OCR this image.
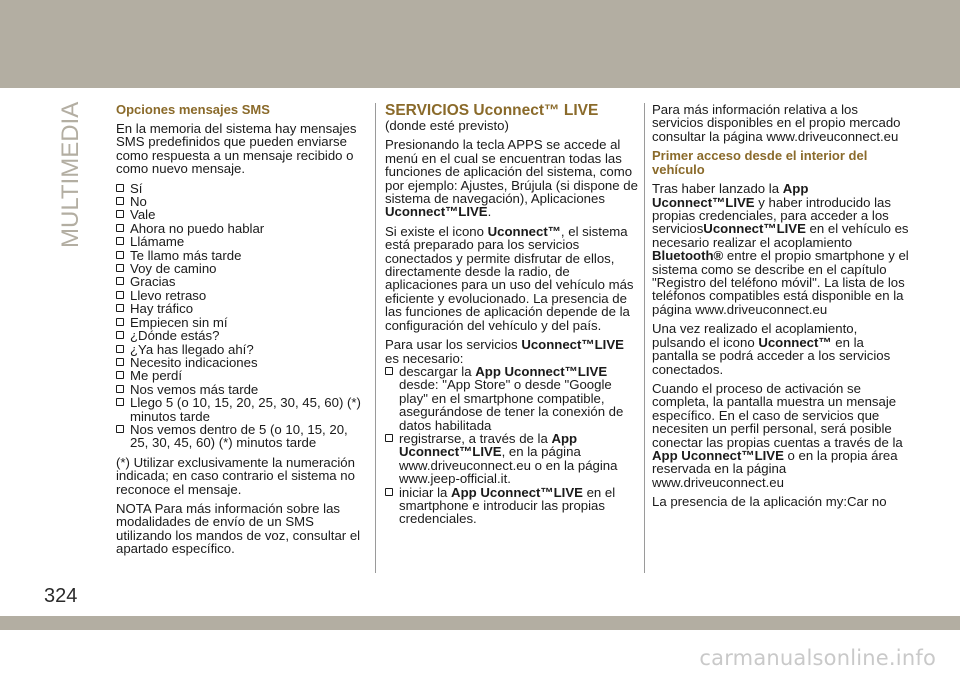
MULTIMEDIA Opciones mensajes SMS

En la memoria del sistema hay mensajes SMS predefinidos que pueden enviarse como respuesta a un mensaje recibido o como nuevo mensaje.

Sí
No
Vale
Ahora no puedo hablar
Llámame
Te llamo más tarde
Voy de camino
Gracias
Llevo retraso
Hay tráfico
Empiecen sin mí
¿Dónde estás?
¿Ya has llegado ahí?
Necesito indicaciones
Me perdí
Nos vemos más tarde
Llego 5 (o 10, 15, 20, 25, 30, 45, 60) (*) minutos tarde
Nos vemos dentro de 5 (o 10, 15, 20, 25, 30, 45, 60) (*) minutos tarde

(*) Utilizar exclusivamente la numeración indicada; en caso contrario el sistema no reconoce el mensaje.

NOTA Para más información sobre las modalidades de envío de un SMS utilizando los mandos de voz, consultar el apartado específico.

SERVICIOS Uconnect™ LIVE

(donde esté previsto)

Presionando la tecla APPS se accede al menú en el cual se encuentran todas las funciones de aplicación del sistema, como por ejemplo: Ajustes, Brújula (si dispone de sistema de navegación), Aplicaciones Uconnect™LIVE.

Si existe el icono Uconnect™, el sistema está preparado para los servicios conectados y permite disfrutar de ellos, directamente desde la radio, de aplicaciones para un uso del vehículo más eficiente y evolucionado. La presencia de las funciones de aplicación depende de la configuración del vehículo y del país.

Para usar los servicios Uconnect™LIVE es necesario:

descargar la App Uconnect™LIVE desde: "App Store" o desde "Google play" en el smartphone compatible, asegurándose de tener la conexión de datos habilitada
registrarse, a través de la App Uconnect™LIVE, en la página www.driveuconnect.eu o en la página www.jeep-official.it.
iniciar la App Uconnect™LIVE en el smartphone e introducir las propias credenciales.

Para más información relativa a los servicios disponibles en el propio mercado consultar la página www.driveuconnect.eu

Primer acceso desde el interior del vehículo

Tras haber lanzado la App Uconnect™LIVE y haber introducido las propias credenciales, para acceder a los serviciosUconnect™LIVE en el vehículo es necesario realizar el acoplamiento Bluetooth® entre el propio smartphone y el sistema como se describe en el capítulo "Registro del teléfono móvil". La lista de los teléfonos compatibles está disponible en la página www.driveuconnect.eu

Una vez realizado el acoplamiento, pulsando el icono Uconnect™ en la pantalla se podrá acceder a los servicios conectados.

Cuando el proceso de activación se completa, la pantalla muestra un mensaje específico. En el caso de servicios que necesiten un perfil personal, será posible conectar las propias cuentas a través de la App Uconnect™LIVE o en la propia área reservada en la página www.driveuconnect.eu

La presencia de la aplicación my:Car no

324
carmanualsonline.info
